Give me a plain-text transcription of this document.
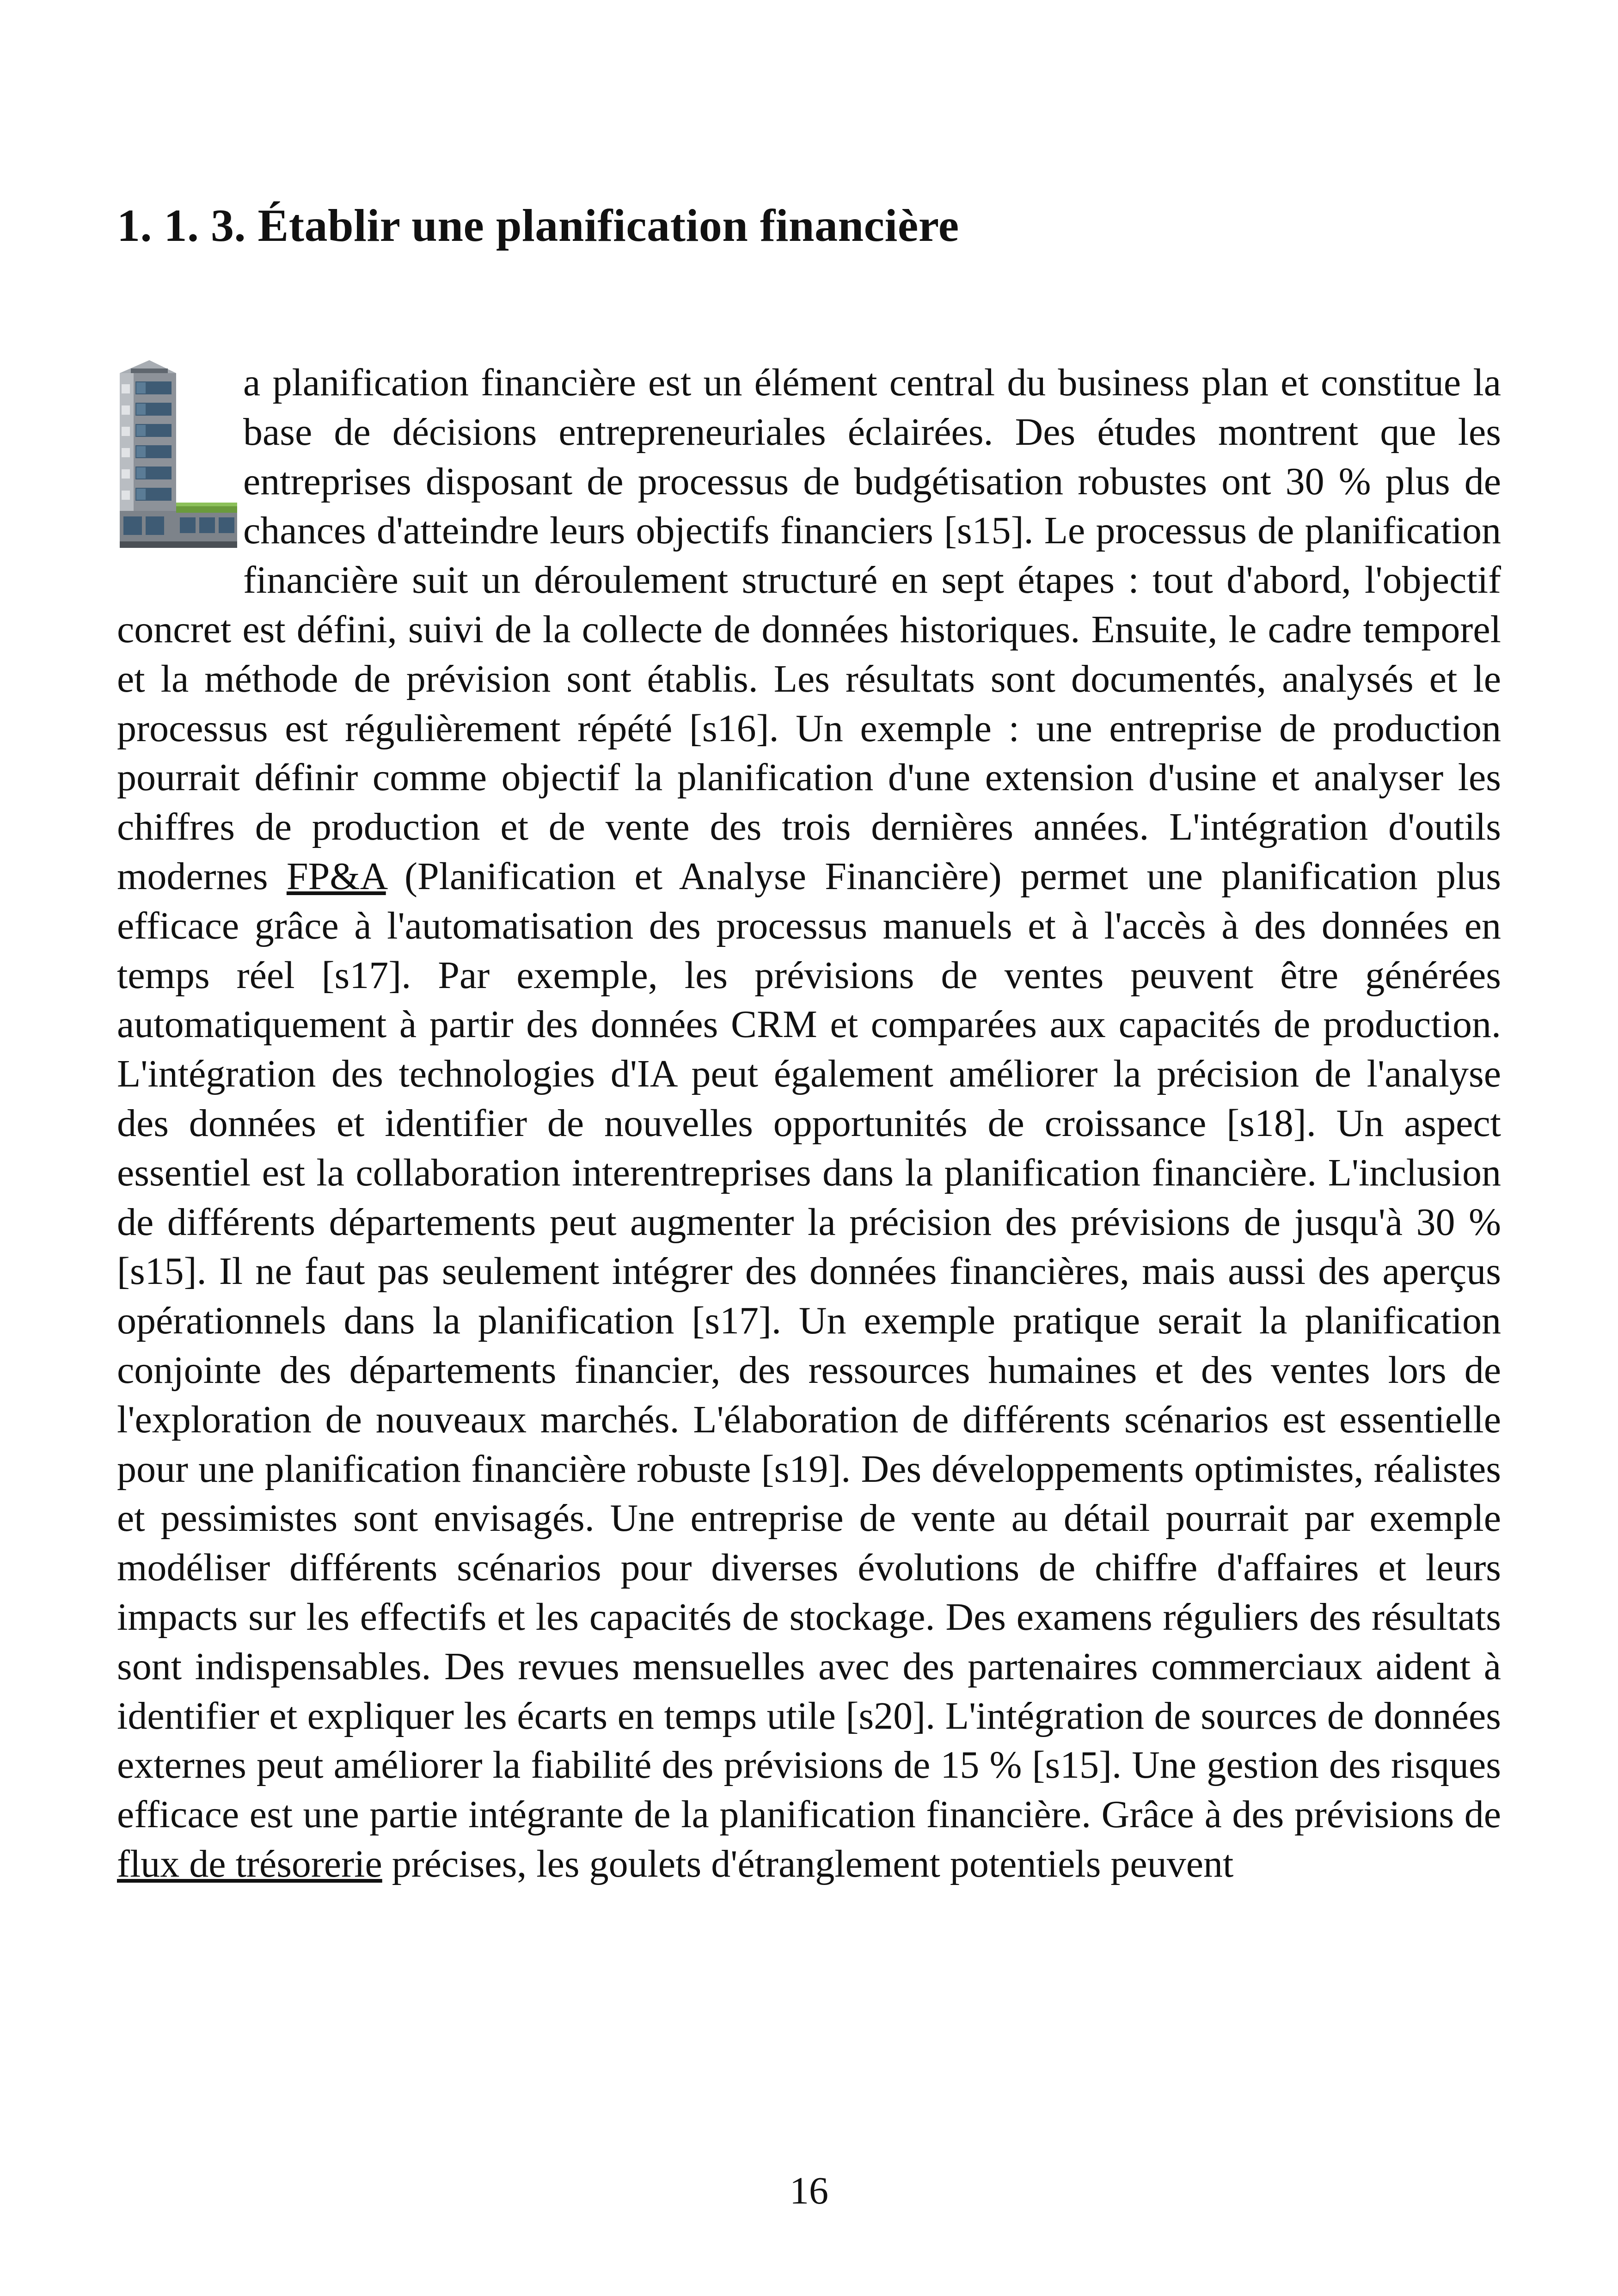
1. 1. 3. Établir une planification financière

a planification financière est un élément central du business plan et constitue la base de décisions entrepreneuriales éclairées. Des études montrent que les entreprises disposant de processus de budgétisation robustes ont 30 % plus de chances d'atteindre leurs objectifs financiers [s15]. Le processus de planification financière suit un déroulement structuré en sept étapes : tout d'abord, l'objectif concret est défini, suivi de la collecte de données historiques. Ensuite, le cadre temporel et la méthode de prévision sont établis. Les résultats sont documentés, analysés et le processus est régulièrement répété [s16]. Un exemple : une entreprise de production pourrait définir comme objectif la planification d'une extension d'usine et analyser les chiffres de production et de vente des trois dernières années. L'intégration d'outils modernes FP&A (Planification et Analyse Financière) permet une planification plus efficace grâce à l'automatisation des processus manuels et à l'accès à des données en temps réel [s17]. Par exemple, les prévisions de ventes peuvent être générées automatiquement à partir des données CRM et comparées aux capacités de production. L'intégration des technologies d'IA peut également améliorer la précision de l'analyse des données et identifier de nouvelles opportunités de croissance [s18]. Un aspect essentiel est la collaboration interentreprises dans la planification financière. L'inclusion de différents départements peut augmenter la précision des prévisions de jusqu'à 30 % [s15]. Il ne faut pas seulement intégrer des données financières, mais aussi des aperçus opérationnels dans la planification [s17]. Un exemple pratique serait la planification conjointe des départements financier, des ressources humaines et des ventes lors de l'exploration de nouveaux marchés. L'élaboration de différents scénarios est essentielle pour une planification financière robuste [s19]. Des développements optimistes, réalistes et pessimistes sont envisagés. Une entreprise de vente au détail pourrait par exemple modéliser différents scénarios pour diverses évolutions de chiffre d'affaires et leurs impacts sur les effectifs et les capacités de stockage. Des examens réguliers des résultats sont indispensables. Des revues mensuelles avec des partenaires commerciaux aident à identifier et expliquer les écarts en temps utile [s20]. L'intégration de sources de données externes peut améliorer la fiabilité des prévisions de 15 % [s15]. Une gestion des risques efficace est une partie intégrante de la planification financière. Grâce à des prévisions de flux de trésorerie précises, les goulets d'étranglement potentiels peuvent

16
